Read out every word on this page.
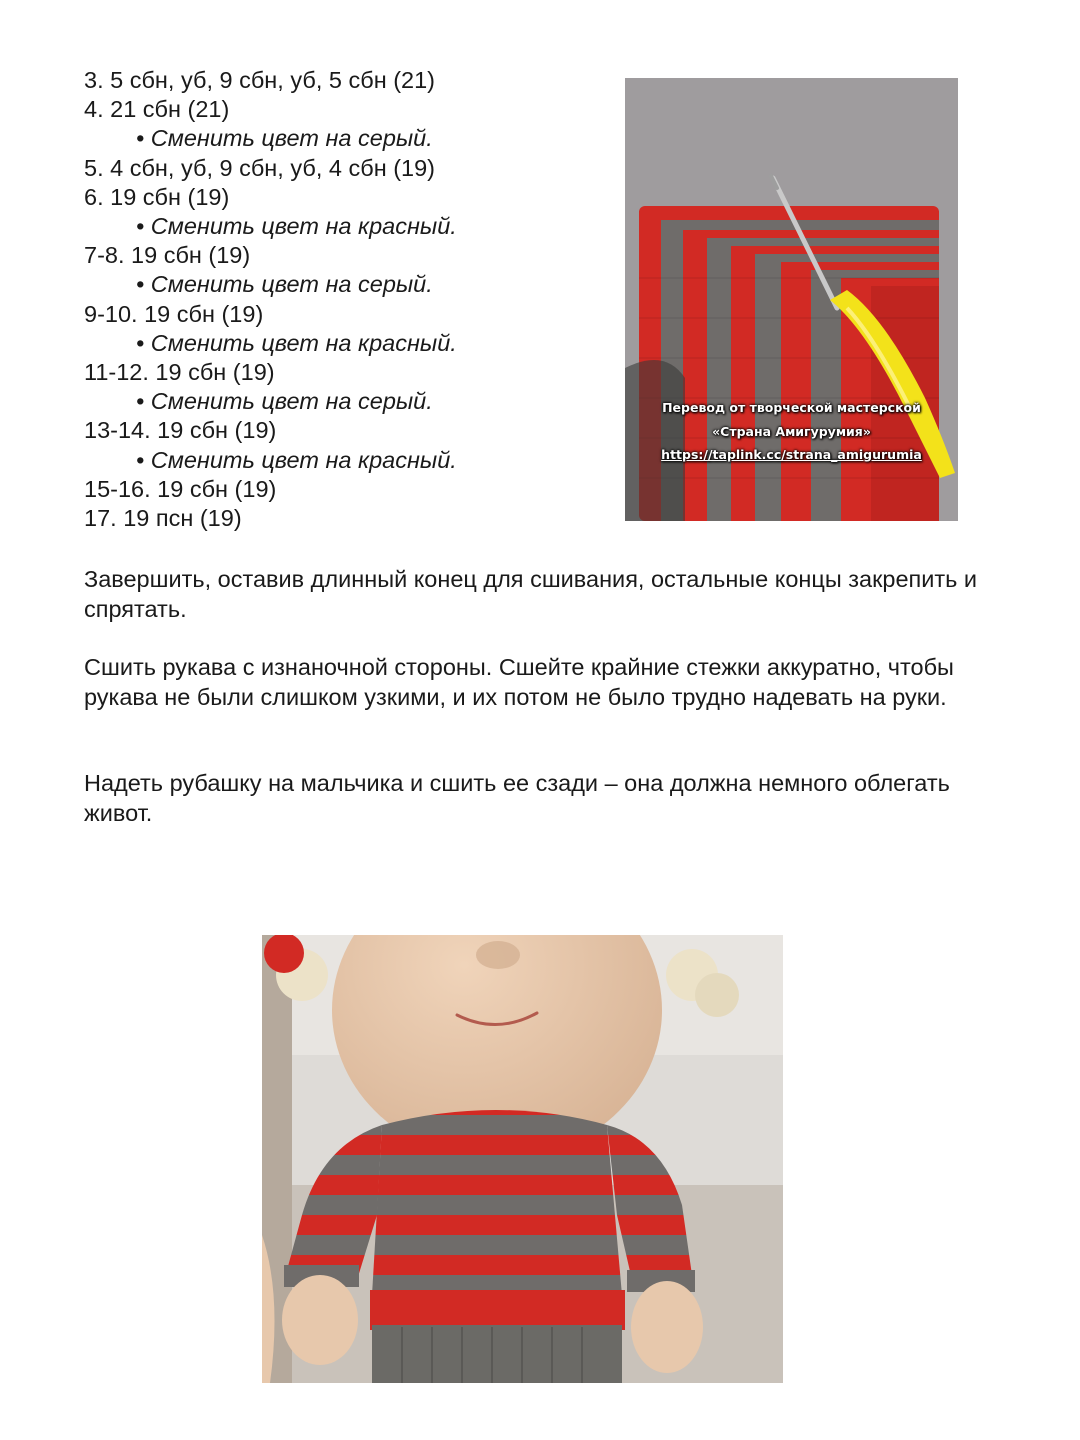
3. 5 сбн, уб, 9 сбн, уб, 5 сбн (21)
4. 21 сбн (21)
• Сменить цвет на серый.
5. 4 сбн, уб, 9 сбн, уб, 4 сбн (19)
6. 19 сбн (19)
• Сменить цвет на красный.
7-8. 19 сбн (19)
• Сменить цвет на серый.
9-10. 19 сбн (19)
• Сменить цвет на красный.
11-12. 19 сбн (19)
• Сменить цвет на серый.
13-14. 19 сбн (19)
• Сменить цвет на красный.
15-16. 19 сбн (19)
17. 19 псн (19)
Перевод от творческой мастерской
«Страна Амигурумия»
https://taplink.cc/strana_amigurumia

Завершить, оставив длинный конец для сшивания, остальные концы закрепить и спрятать.

Сшить рукава с изнаночной стороны. Сшейте крайние стежки аккуратно, чтобы рукава не были слишком узкими, и их потом не было трудно надевать на руки.

Надеть рубашку на мальчика и сшить ее сзади – она должна немного облегать живот.
